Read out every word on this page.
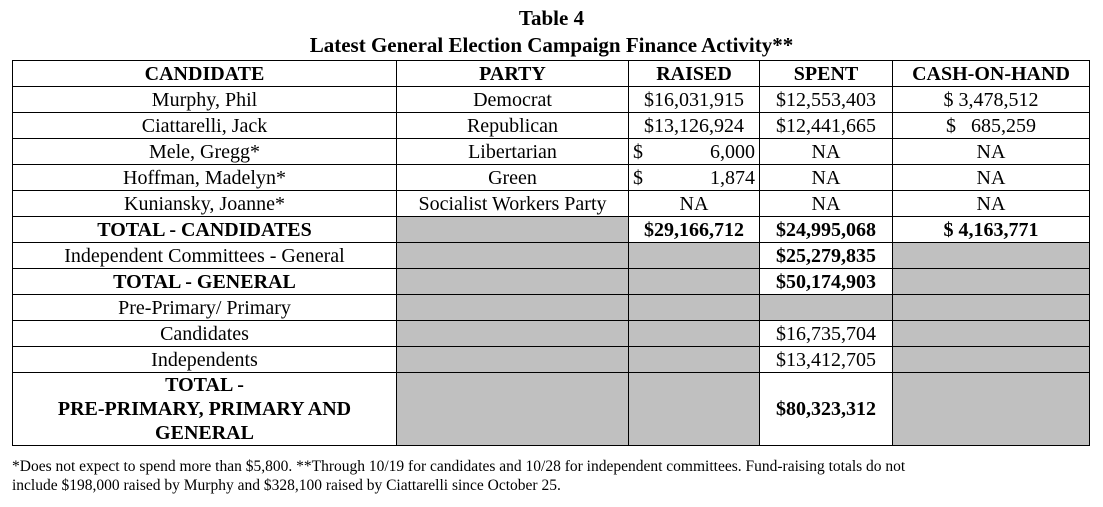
Table 4
Latest General Election Campaign Finance Activity**
CANDIDATE	PARTY	RAISED	SPENT	CASH-ON-HAND
Murphy, Phil	Democrat	$16,031,915	$12,553,403	$ 3,478,512
Ciattarelli, Jack	Republican	$13,126,924	$12,441,665	$ 685,259
Mele, Gregg*	Libertarian	$ 6,000	NA	NA
Hoffman, Madelyn*	Green	$ 1,874	NA	NA
Kuniansky, Joanne*	Socialist Workers Party	NA	NA	NA
TOTAL - CANDIDATES		$29,166,712	$24,995,068	$ 4,163,771
Independent Committees - General			$25,279,835	
TOTAL - GENERAL			$50,174,903	
Pre-Primary/ Primary				
Candidates			$16,735,704	
Independents			$13,412,705	

TOTAL -
PRE-PRIMARY, PRIMARY AND
GENERAL			$80,323,312	
*Does not expect to spend more than $5,800. **Through 10/19 for candidates and 10/28 for independent committees. Fund-raising totals do not
include $198,000 raised by Murphy and $328,100 raised by Ciattarelli since October 25.
